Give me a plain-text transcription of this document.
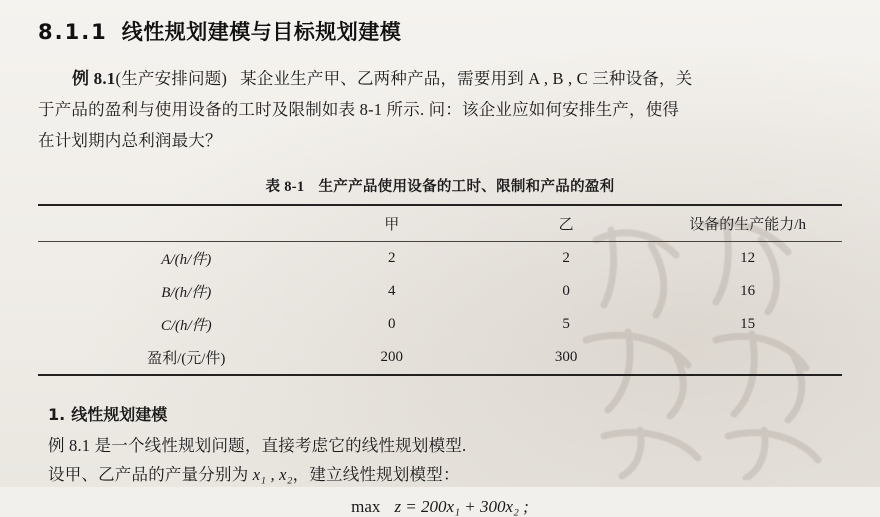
8.1.1 线性规划建模与目标规划建模

例 8.1(生产安排问题) 某企业生产甲、乙两种产品，需要用到 A , B , C 三种设备，关

于产品的盈利与使用设备的工时及限制如表 8-1 所示. 问：该企业应如何安排生产，使得

在计划期内总利润最大？

表 8-1 生产产品使用设备的工时、限制和产品的盈利
	甲	乙	设备的生产能力/h
A/(h/件)	2	2	12
B/(h/件)	4	0	16
C/(h/件)	0	5	15
盈利/(元/件)	200	300	
1. 线性规划建模

例 8.1 是一个线性规划问题，直接考虑它的线性规划模型.

设甲、乙产品的产量分别为 x₁ , x₂，建立线性规划模型：

max z = 200x₁ + 300x₂ ;
